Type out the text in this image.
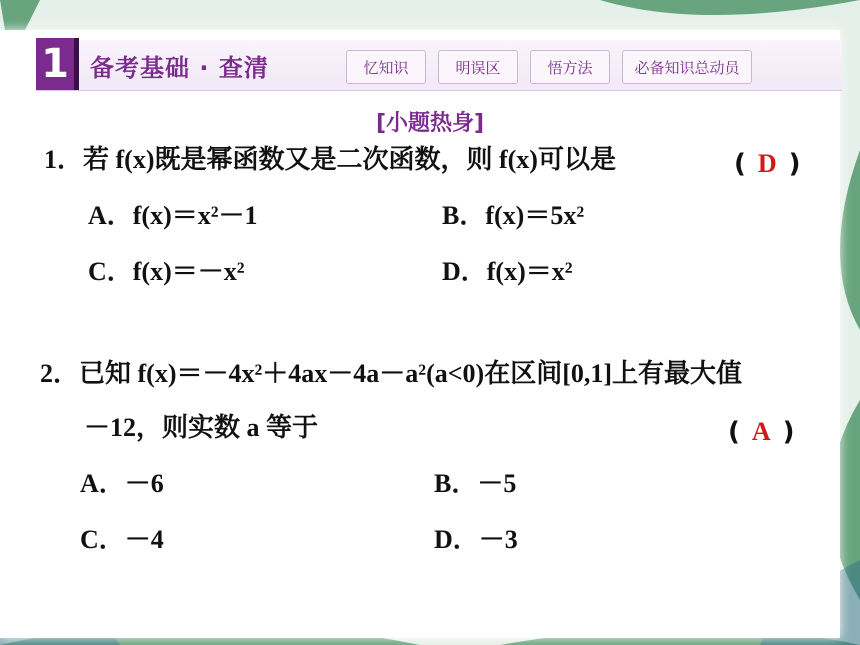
1 备考基础 · 查清	忆知识	明误区	悟方法	必备知识总动员
[小题热身]
1．若 f(x)既是幂函数又是二次函数，则 f(x)可以是	( D )
A．f(x)＝x²－1	B．f(x)＝5x²
C．f(x)＝－x²	D．f(x)＝x²
2．已知 f(x)＝－4x²＋4ax－4a－a²(a<0)在区间[0,1]上有最大值
－12，则实数 a 等于	( A )
A．－6	B．－5
C．－4	D．－3
